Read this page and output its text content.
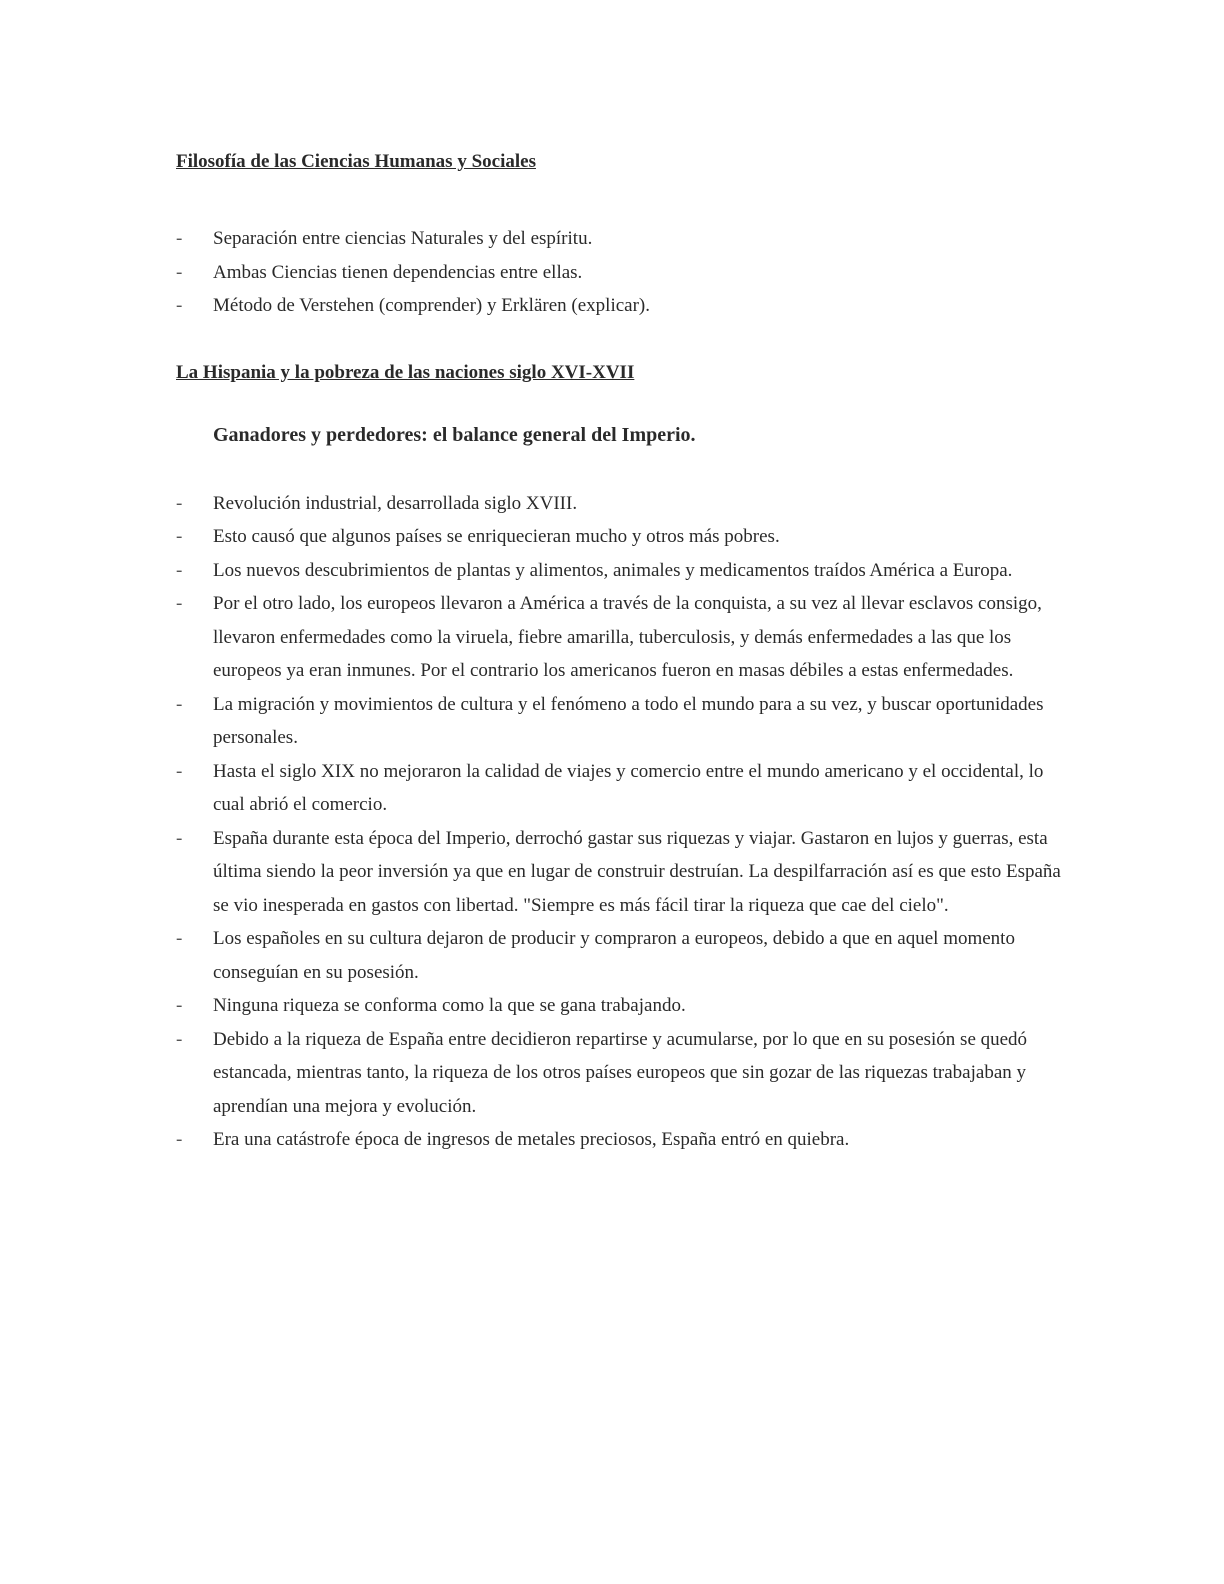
Filosofía de las Ciencias Humanas y Sociales
-	Separación entre ciencias Naturales y del espíritu.
-	Ambas Ciencias tienen dependencias entre ellas.
-	Método de Verstehen (comprender) y Erklären (explicar).
La Hispania y la pobreza de las naciones siglo XVI-XVII
Ganadores y perdedores: el balance general del Imperio.
-	Revolución industrial, desarrollada siglo XVIII.
-	Esto causó que algunos países se enriquecieran mucho y otros más pobres.
-	Los nuevos descubrimientos de plantas y alimentos, animales y medicamentos traídos América a Europa.
-	Por el otro lado, los europeos llevaron a América a través de la conquista, a su vez al llevar esclavos consigo, llevaron enfermedades como la viruela, fiebre amarilla, tuberculosis, y demás enfermedades a las que los europeos ya eran inmunes. Por el contrario los americanos fueron en masas débiles a estas enfermedades.
-	La migración y movimientos de cultura y el fenómeno a todo el mundo para a su vez, y buscar oportunidades personales.
-	Hasta el siglo XIX no mejoraron la calidad de viajes y comercio entre el mundo americano y el occidental, lo cual abrió el comercio.
-	España durante esta época del Imperio, derrochó gastar sus riquezas y viajar. Gastaron en lujos y guerras, esta última siendo la peor inversión ya que en lugar de construir destruían. La despilfarración así es que esto España se vio inesperada en gastos con libertad. "Siempre es más fácil tirar la riqueza que cae del cielo".
-	Los españoles en su cultura dejaron de producir y compraron a europeos, debido a que en aquel momento conseguían en su posesión.
-	Ninguna riqueza se conforma como la que se gana trabajando.
-	Debido a la riqueza de España entre decidieron repartirse y acumularse, por lo que en su posesión se quedó estancada, mientras tanto, la riqueza de los otros países europeos que sin gozar de las riquezas trabajaban y aprendían una mejora y evolución.
-	Era una catástrofe época de ingresos de metales preciosos, España entró en quiebra.
